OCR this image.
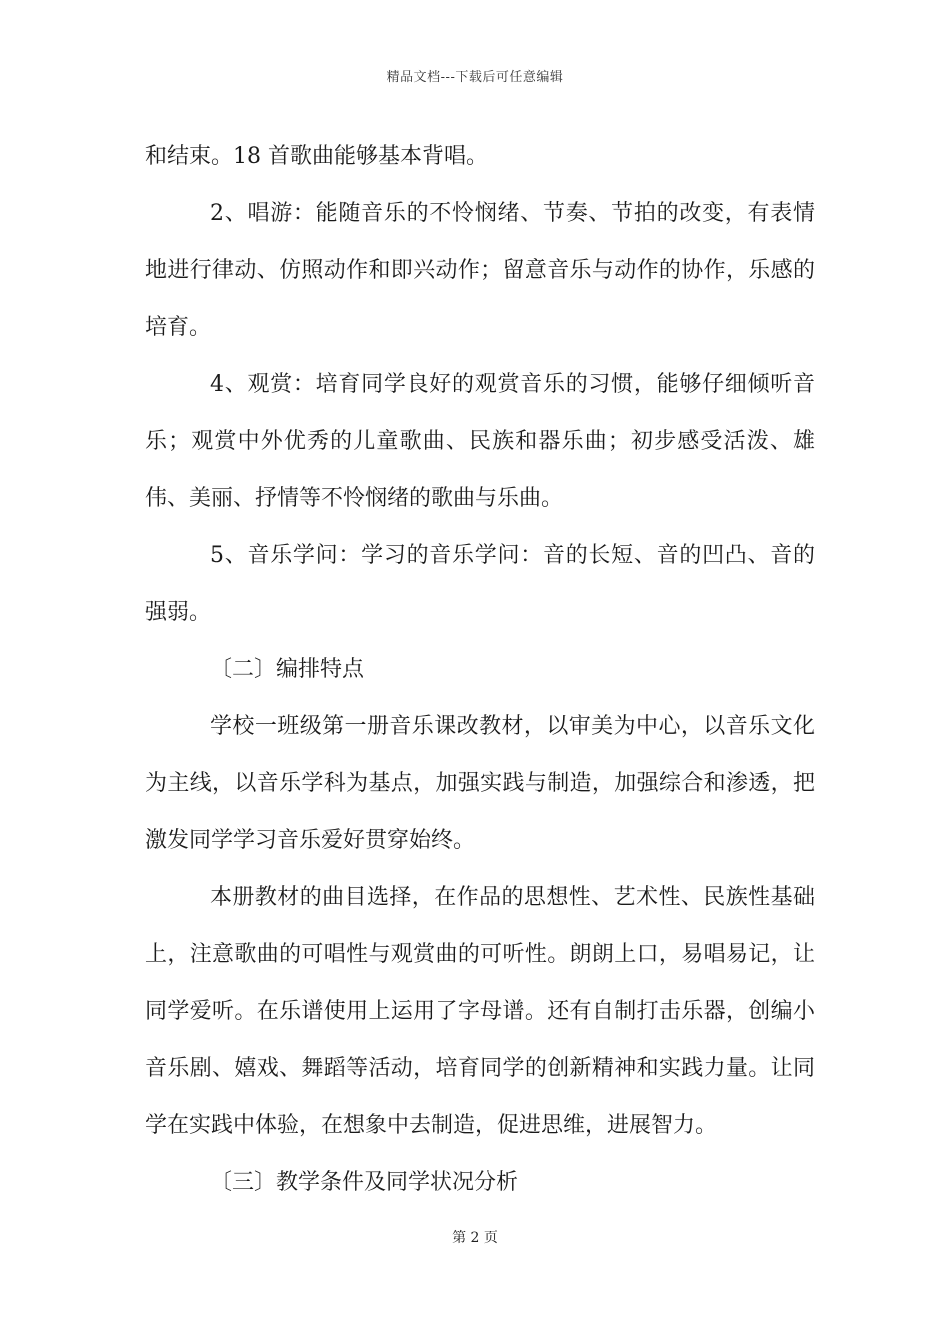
精品文档---下载后可任意编辑

和结束。18 首歌曲能够基本背唱。

2、唱游：能随音乐的不怜悯绪、节奏、节拍的改变，有表情地进行律动、仿照动作和即兴动作；留意音乐与动作的协作，乐感的培育。

4、观赏：培育同学良好的观赏音乐的习惯，能够仔细倾听音乐；观赏中外优秀的儿童歌曲、民族和器乐曲；初步感受活泼、雄伟、美丽、抒情等不怜悯绪的歌曲与乐曲。

5、音乐学问：学习的音乐学问：音的长短、音的凹凸、音的强弱。

〔二〕编排特点

学校一班级第一册音乐课改教材，以审美为中心，以音乐文化为主线，以音乐学科为基点，加强实践与制造，加强综合和渗透，把激发同学学习音乐爱好贯穿始终。

本册教材的曲目选择，在作品的思想性、艺术性、民族性基础上，注意歌曲的可唱性与观赏曲的可听性。朗朗上口，易唱易记，让同学爱听。在乐谱使用上运用了字母谱。还有自制打击乐器，创编小音乐剧、嬉戏、舞蹈等活动，培育同学的创新精神和实践力量。让同学在实践中体验，在想象中去制造，促进思维，进展智力。

〔三〕教学条件及同学状况分析

第 2 页
